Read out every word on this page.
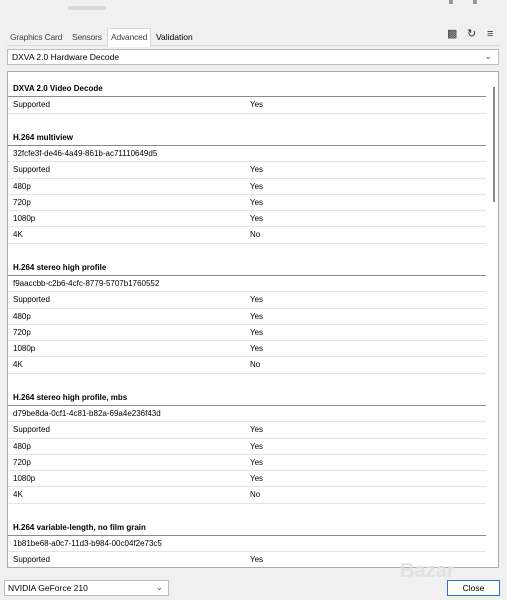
Graphics Card	Sensors	Advanced	Validation	▩ ↻ ≡
DXVA 2.0 Hardware Decode	⌄
DXVA 2.0 Video Decode
Supported	Yes
H.264 multiview
32fcfe3f-de46-4a49-861b-ac71110649d5
Supported	Yes
480p	Yes
720p	Yes
1080p	Yes
4K	No
H.264 stereo high profile
f9aaccbb-c2b6-4cfc-8779-5707b1760552
Supported	Yes
480p	Yes
720p	Yes
1080p	Yes
4K	No
H.264 stereo high profile, mbs
d79be8da-0cf1-4c81-b82a-69a4e236f43d
Supported	Yes
480p	Yes
720p	Yes
1080p	Yes
4K	No
H.264 variable-length, no film grain
1b81be68-a0c7-11d3-b984-00c04f2e73c5
Supported	Yes
NVIDIA GeForce 210	⌄	Close
Bazar
